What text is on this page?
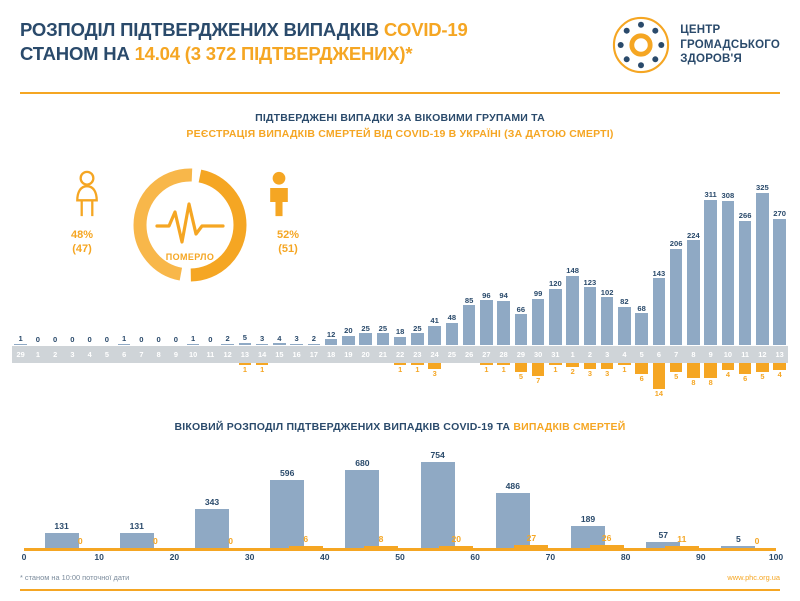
РОЗПОДІЛ ПІДТВЕРДЖЕНИХ ВИПАДКІВ COVID-19
СТАНОМ НА 14.04 (3 372 ПІДТВЕРДЖЕНИХ)*
ЦЕНТР
ГРОМАДСЬКОГО
ЗДОРОВ'Я
ПІДТВЕРДЖЕНІ ВИПАДКИ ЗА ВІКОВИМИ ГРУПАМИ ТА
РЕЄСТРАЦІЯ ВИПАДКІВ СМЕРТЕЙ ВІД COVID-19 В УКРАЇНІ (ЗА ДАТОЮ СМЕРТІ)
ПОМЕРЛО
48%
(47)
52%
(51)
1 0 0 0 0 0 1 0 0 0 1 0 2 5 3 4 3 2
12 20 25 25 18 25
41 48
85
96 94
66
99
120
148
123
102
82
68
143
206
224
311 308
266
325
270
29	1	2	3	4	5	6	7	8	9	10	11	12	13	14	15	16	17	18	19	20	21	22	23	24	25	26	27	28	29	30	31	1	2	3	4	5	6	7	8	9	10	11	12	13
1 1	1 1 3	1 1
5 7
1 2 3 3 1
6
14
5
8 8
4 6 5 4
ВІКОВИЙ РОЗПОДІЛ ПІДТВЕРДЖЕНИХ ВИПАДКІВ COVID-19 ТА ВИПАДКІВ СМЕРТЕЙ
131
0
131
0
343
0
596
6
680
8
754
20
486
27
189
26	57 11	5 0
0	10	20	30	40	50	60	70	80	90	100
* станом на 10:00 поточної дати	www.phc.org.ua
